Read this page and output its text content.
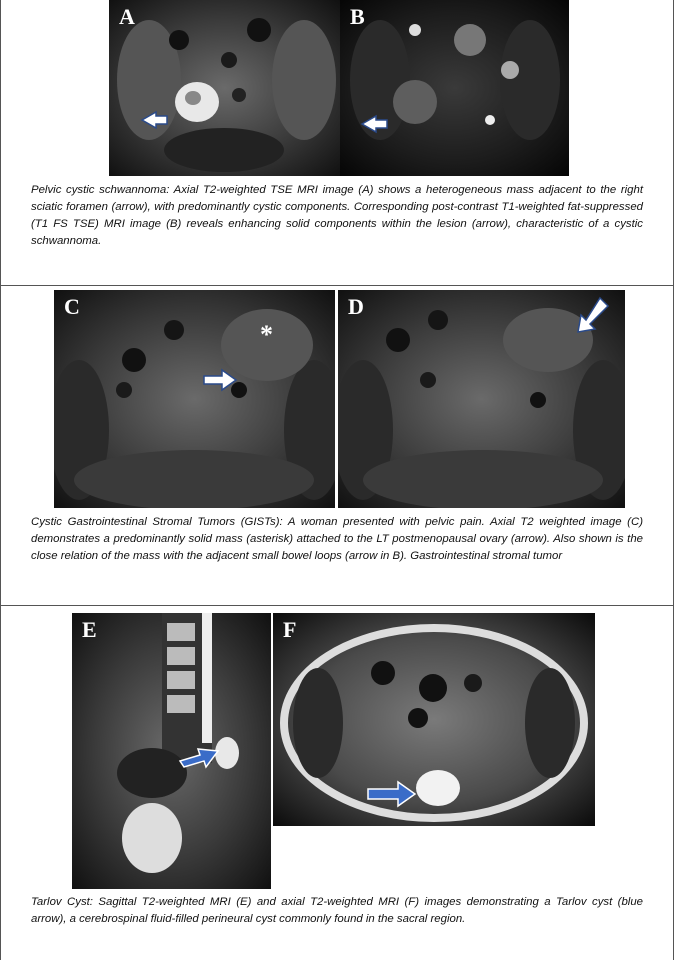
A	B
Pelvic cystic schwannoma: Axial T2-weighted TSE MRI image (A) shows a heterogeneous mass adjacent to the right sciatic foramen (arrow), with predominantly cystic components. Corresponding post-contrast T1-weighted fat-suppressed (T1 FS TSE) MRI image (B) reveals enhancing solid components within the lesion (arrow), characteristic of a cystic schwannoma.
C
*
D
Cystic Gastrointestinal Stromal Tumors (GISTs): A woman presented with pelvic pain. Axial T2 weighted image (C) demonstrates a predominantly solid mass (asterisk) attached to the LT postmenopausal ovary (arrow). Also shown is the close relation of the mass with the adjacent small bowel loops (arrow in B). Gastrointestinal stromal tumor
E	F
Tarlov Cyst: Sagittal T2-weighted MRI (E) and axial T2-weighted MRI (F) images demonstrating a Tarlov cyst (blue arrow), a cerebrospinal fluid-filled perineural cyst commonly found in the sacral region.
